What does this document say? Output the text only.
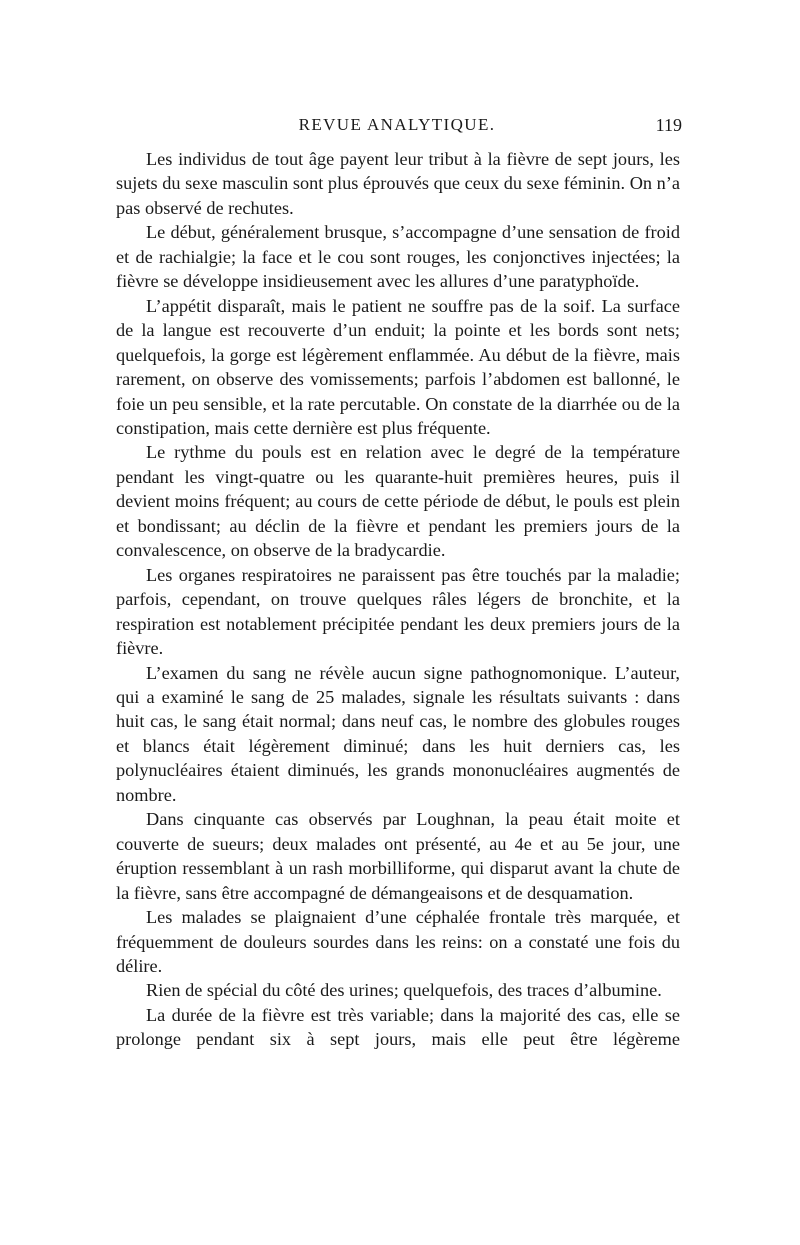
REVUE ANALYTIQUE.	119

Les individus de tout âge payent leur tribut à la fièvre de sept jours, les sujets du sexe masculin sont plus éprouvés que ceux du sexe féminin. On n’a pas observé de rechutes.

Le début, généralement brusque, s’accompagne d’une sensation de froid et de rachialgie; la face et le cou sont rouges, les conjonctives injectées; la fièvre se développe insidieusement avec les allures d’une paratyphoïde.

L’appétit disparaît, mais le patient ne souffre pas de la soif. La surface de la langue est recouverte d’un enduit; la pointe et les bords sont nets; quelquefois, la gorge est légèrement enflammée. Au début de la fièvre, mais rarement, on observe des vomissements; parfois l’abdomen est ballonné, le foie un peu sensible, et la rate percutable. On constate de la diarrhée ou de la constipation, mais cette dernière est plus fréquente.

Le rythme du pouls est en relation avec le degré de la température pendant les vingt-quatre ou les quarante-huit premières heures, puis il devient moins fréquent; au cours de cette période de début, le pouls est plein et bondissant; au déclin de la fièvre et pendant les premiers jours de la convalescence, on observe de la bradycardie.

Les organes respiratoires ne paraissent pas être touchés par la maladie; parfois, cependant, on trouve quelques râles légers de bronchite, et la respiration est notablement précipitée pendant les deux premiers jours de la fièvre.

L’examen du sang ne révèle aucun signe pathognomonique. L’auteur, qui a examiné le sang de 25 malades, signale les résultats suivants : dans huit cas, le sang était normal; dans neuf cas, le nombre des globules rouges et blancs était légèrement diminué; dans les huit derniers cas, les polynucléaires étaient diminués, les grands mononucléaires augmentés de nombre.

Dans cinquante cas observés par Loughnan, la peau était moite et couverte de sueurs; deux malades ont présenté, au 4e et au 5e jour, une éruption ressemblant à un rash morbilliforme, qui disparut avant la chute de la fièvre, sans être accompagné de démangeaisons et de desquamation.

Les malades se plaignaient d’une céphalée frontale très marquée, et fréquemment de douleurs sourdes dans les reins: on a constaté une fois du délire.

Rien de spécial du côté des urines; quelquefois, des traces d’albumine.

La durée de la fièvre est très variable; dans la majorité des cas, elle se prolonge pendant six à sept jours, mais elle peut être légèreme
